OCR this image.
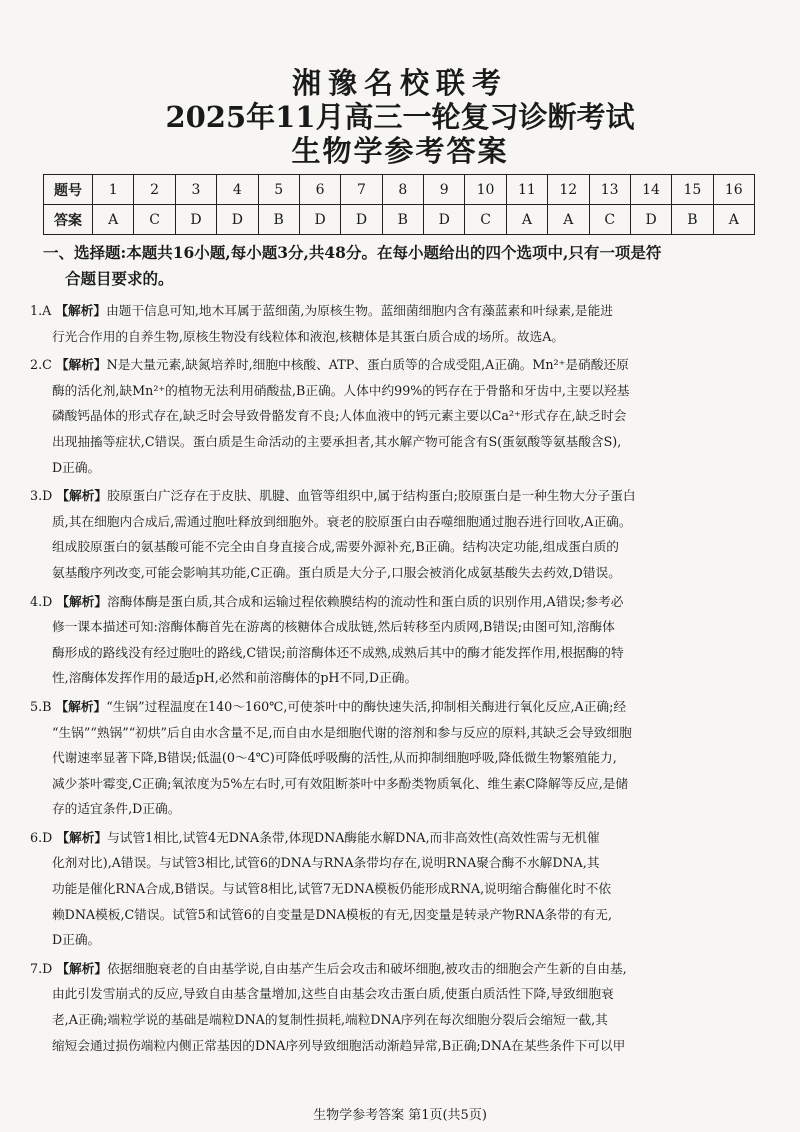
湘豫名校联考
2025年11月高三一轮复习诊断考试
生物学参考答案
题号	1	2	3	4	5	6	7	8	9	10	11	12	13	14	15	16
答案	A	C	D	D	B	D	D	B	D	C	A	A	C	D	B	A
一、选择题:本题共16小题,每小题3分,共48分。在每小题给出的四个选项中,只有一项是符
合题目要求的。
1.A 【解析】由题干信息可知,地木耳属于蓝细菌,为原核生物。蓝细菌细胞内含有藻蓝素和叶绿素,是能进
行光合作用的自养生物,原核生物没有线粒体和液泡,核糖体是其蛋白质合成的场所。故选A。
2.C 【解析】N是大量元素,缺氮培养时,细胞中核酸、ATP、蛋白质等的合成受阻,A正确。Mn²⁺是硝酸还原
酶的活化剂,缺Mn²⁺的植物无法利用硝酸盐,B正确。人体中约99%的钙存在于骨骼和牙齿中,主要以羟基
磷酸钙晶体的形式存在,缺乏时会导致骨骼发育不良;人体血液中的钙元素主要以Ca²⁺形式存在,缺乏时会
出现抽搐等症状,C错误。蛋白质是生命活动的主要承担者,其水解产物可能含有S(蛋氨酸等氨基酸含S),
D正确。
3.D 【解析】胶原蛋白广泛存在于皮肤、肌腱、血管等组织中,属于结构蛋白;胶原蛋白是一种生物大分子蛋白
质,其在细胞内合成后,需通过胞吐释放到细胞外。衰老的胶原蛋白由吞噬细胞通过胞吞进行回收,A正确。
组成胶原蛋白的氨基酸可能不完全由自身直接合成,需要外源补充,B正确。结构决定功能,组成蛋白质的
氨基酸序列改变,可能会影响其功能,C正确。蛋白质是大分子,口服会被消化成氨基酸失去药效,D错误。
4.D 【解析】溶酶体酶是蛋白质,其合成和运输过程依赖膜结构的流动性和蛋白质的识别作用,A错误;参考必
修一课本描述可知:溶酶体酶首先在游离的核糖体合成肽链,然后转移至内质网,B错误;由图可知,溶酶体
酶形成的路线没有经过胞吐的路线,C错误;前溶酶体还不成熟,成熟后其中的酶才能发挥作用,根据酶的特
性,溶酶体发挥作用的最适pH,必然和前溶酶体的pH不同,D正确。
5.B 【解析】“生锅”过程温度在140～160℃,可使茶叶中的酶快速失活,抑制相关酶进行氧化反应,A正确;经
“生锅”“熟锅”“初烘”后自由水含量不足,而自由水是细胞代谢的溶剂和参与反应的原料,其缺乏会导致细胞
代谢速率显著下降,B错误;低温(0～4℃)可降低呼吸酶的活性,从而抑制细胞呼吸,降低微生物繁殖能力,
减少茶叶霉变,C正确;氧浓度为5%左右时,可有效阻断茶叶中多酚类物质氧化、维生素C降解等反应,是储
存的适宜条件,D正确。
6.D 【解析】与试管1相比,试管4无DNA条带,体现DNA酶能水解DNA,而非高效性(高效性需与无机催
化剂对比),A错误。与试管3相比,试管6的DNA与RNA条带均存在,说明RNA聚合酶不水解DNA,其
功能是催化RNA合成,B错误。与试管8相比,试管7无DNA模板仍能形成RNA,说明缩合酶催化时不依
赖DNA模板,C错误。试管5和试管6的自变量是DNA模板的有无,因变量是转录产物RNA条带的有无,
D正确。
7.D 【解析】依据细胞衰老的自由基学说,自由基产生后会攻击和破坏细胞,被攻击的细胞会产生新的自由基,
由此引发雪崩式的反应,导致自由基含量增加,这些自由基会攻击蛋白质,使蛋白质活性下降,导致细胞衰
老,A正确;端粒学说的基础是端粒DNA的复制性损耗,端粒DNA序列在每次细胞分裂后会缩短一截,其
缩短会通过损伤端粒内侧正常基因的DNA序列导致细胞活动渐趋异常,B正确;DNA在某些条件下可以甲
生物学参考答案 第1页(共5页)
